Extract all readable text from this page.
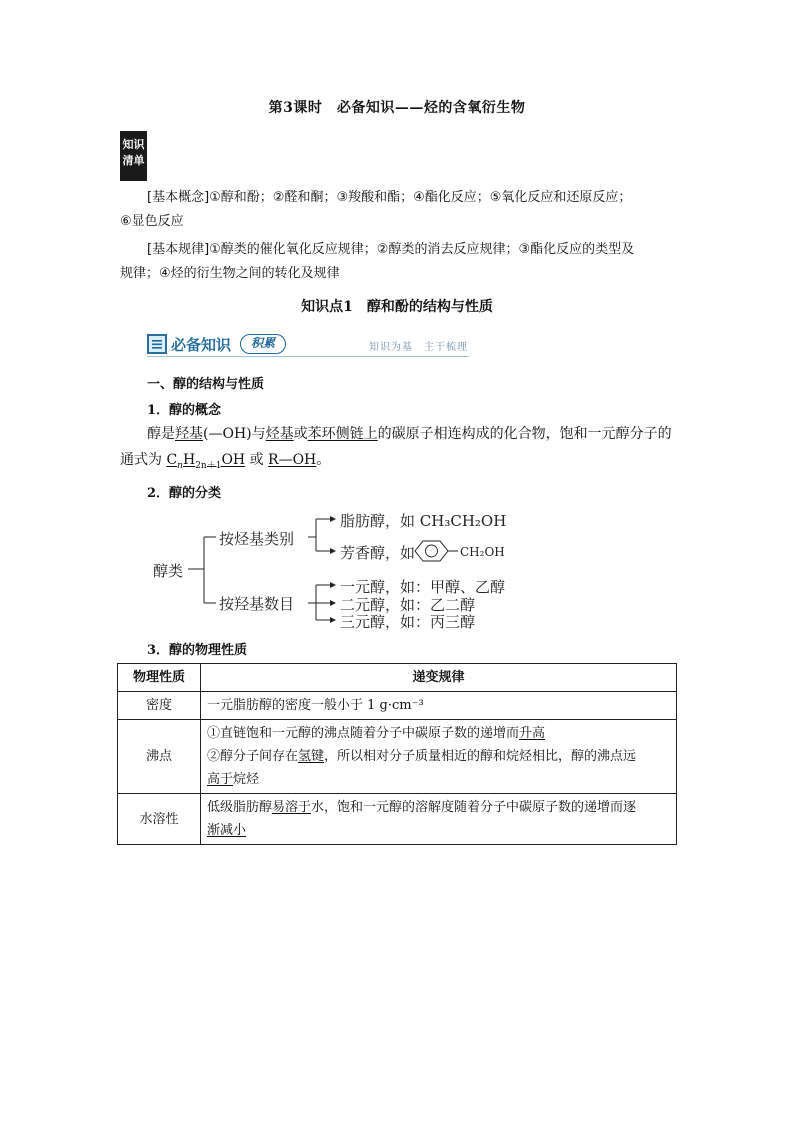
第3课时　必备知识——烃的含氧衍生物
知识
清单
[基本概念]①醇和酚；②醛和酮；③羧酸和酯；④酯化反应；⑤氧化反应和还原反应；
⑥显色反应
[基本规律]①醇类的催化氧化反应规律；②醇类的消去反应规律；③酯化反应的类型及
规律；④烃的衍生物之间的转化及规律
知识点1　醇和酚的结构与性质
必备知识	积累	知识为基　主干梳理
一、醇的结构与性质
1．醇的概念
醇是羟基(—OH)与烃基或苯环侧链上的碳原子相连构成的化合物，饱和一元醇分子的
通式为 $C_nH_{2n+1}OH$ 或 R—OH。
2．醇的分类
醇类
按烃基类别
按羟基数目
脂肪醇，如 CH₃CH₂OH
芳香醇，如	CH₂OH
一元醇，如：甲醇、乙醇
二元醇，如：乙二醇
三元醇，如：丙三醇
3．醇的物理性质
物理性质	递变规律
密度	一元脂肪醇的密度一般小于 1 g·cm⁻³
沸点	①直链饱和一元醇的沸点随着分子中碳原子数的递增而升高
②醇分子间存在氢键，所以相对分子质量相近的醇和烷烃相比，醇的沸点远
高于烷烃

水溶性	低级脂肪醇易溶于水，饱和一元醇的溶解度随着分子中碳原子数的递增而逐
渐减小
